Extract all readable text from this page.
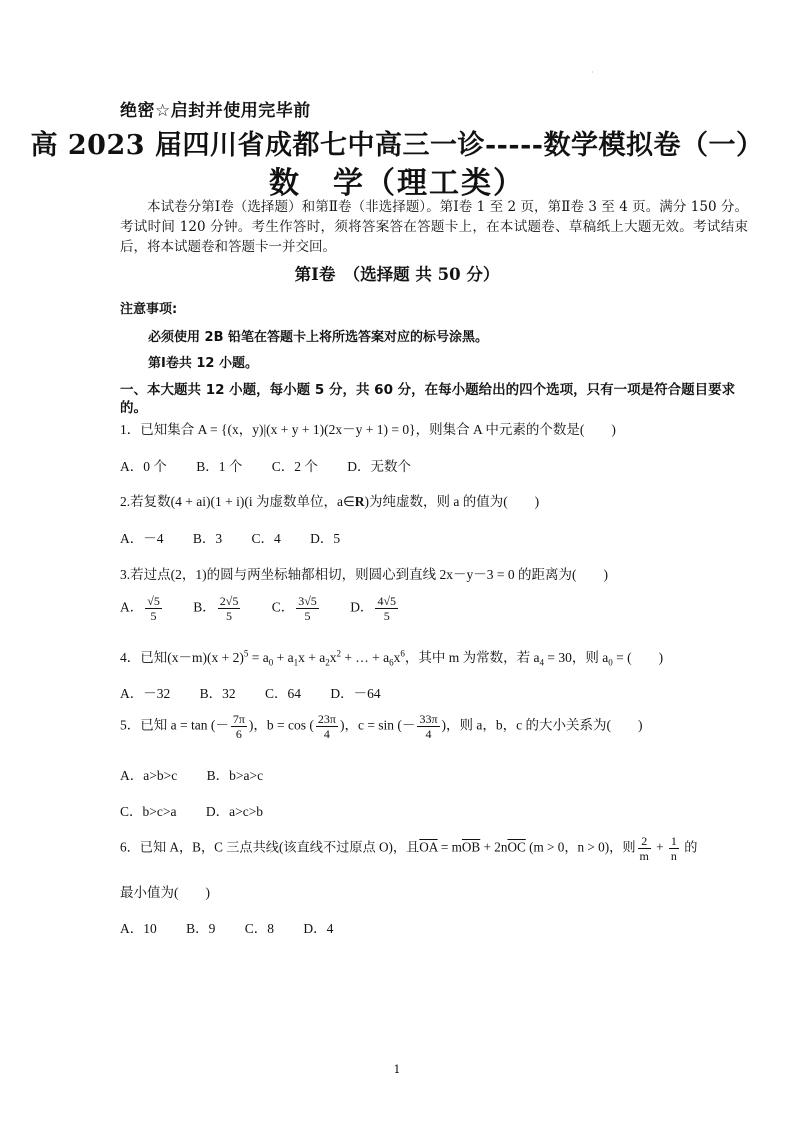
·
绝密☆启封并使用完毕前
高 2023 届四川省成都七中高三一诊-----数学模拟卷（一）
数　学（理工类）
本试卷分第Ⅰ卷（选择题）和第Ⅱ卷（非选择题）。第Ⅰ卷 1 至 2 页，第Ⅱ卷 3 至 4 页。满分 150 分。考试时间 120 分钟。考生作答时，须将答案答在答题卡上，在本试题卷、草稿纸上大题无效。考试结束后，将本试题卷和答题卡一并交回。
第Ⅰ卷　（选择题 共 50 分）
注意事项:
必须使用 2B 铅笔在答题卡上将所选答案对应的标号涂黑。
第Ⅰ卷共 12 小题。
一、本大题共 12 小题，每小题 5 分，共 60 分，在每小题给出的四个选项，只有一项是符合题目要求
的。
1．已知集合 A = {(x，y)|(x + y + 1)(2x－y + 1) = 0}，则集合 A 中元素的个数是(　　)
A．0 个 B．1 个 C．2 个 D．无数个
2.若复数(4 + ai)(1 + i)(i 为虚数单位，a∈R)为纯虚数，则 a 的值为(　　)
A．－4 B．3 C．4 D．5
3.若过点(2，1)的圆与两坐标轴都相切，则圆心到直线 2x－y－3 = 0 的距离为(　　)
A． $\frac{√5}{5}$ B． $\frac{2√5}{5}$ C． $\frac{3√5}{5}$ D． $\frac{4√5}{5}$
4．已知$(x-m)(x + 2)^5 = a_0 + a_1x + a_2x^2$ + … + $a_6x^6$，其中 m 为常数，若 $a_4 = 30$，则 $a_0$ = (　　)
A．－32 B．32 C．64 D．－64
5．已知 a = tan (－ $\frac{7\pi}{6}$ )，b = cos ( $\frac{23\pi}{4}$ )，c = sin (－ $\frac{33\pi}{4}$ )，则 a，b，c 的大小关系为(　　)
A．a>b>c B．b>a>c
C．b>c>a D．a>c>b
6．已知 A，B，C 三点共线(该直线不过原点 O)，且$\overline{OA} = m\overline{OB} + 2n\overline{OC}$ (m > 0，n > 0)，则 $\frac{2}{m} + \frac{1}{n}$ 的
最小值为(　　)
A．10 B．9 C．8 D．4
1
